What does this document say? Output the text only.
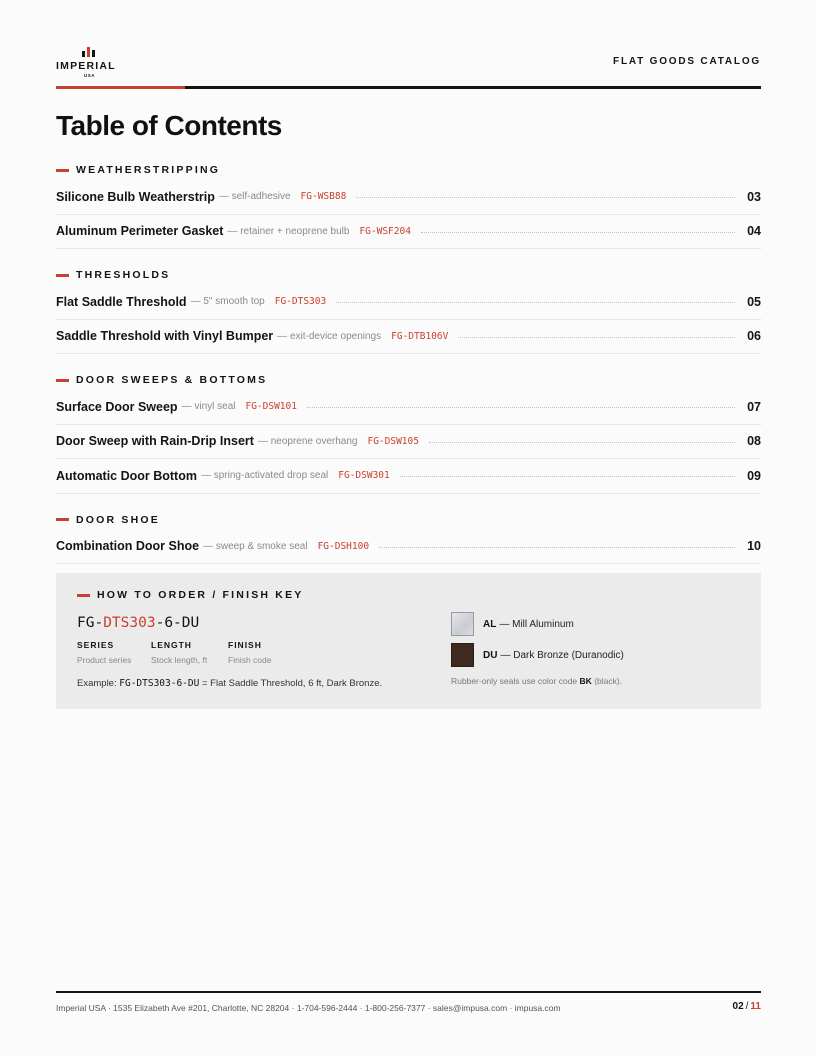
IMPERIAL
USA
FLAT GOODS CATALOG
Table of Contents
WEATHERSTRIPPING
Silicone Bulb Weatherstrip — self-adhesive FG-WSB88	03
Aluminum Perimeter Gasket — retainer + neoprene bulb FG-WSF204	04
THRESHOLDS
Flat Saddle Threshold — 5" smooth top FG-DTS303	05
Saddle Threshold with Vinyl Bumper — exit-device openings FG-DTB106V	06
DOOR SWEEPS & BOTTOMS
Surface Door Sweep — vinyl seal FG-DSW101	07
Door Sweep with Rain-Drip Insert — neoprene overhang FG-DSW105	08
Automatic Door Bottom — spring-activated drop seal FG-DSW301	09
DOOR SHOE
Combination Door Shoe — sweep & smoke seal FG-DSH100	10
HOW TO ORDER / FINISH KEY
FG-DTS303-6-DU
SERIES
Product series
LENGTH
Stock length, ft
FINISH
Finish code
Example: FG-DTS303-6-DU = Flat Saddle Threshold, 6 ft, Dark Bronze.
AL — Mill Aluminum
DU — Dark Bronze (Duranodic)
Rubber-only seals use color code BK (black).
Imperial USA · 1535 Elizabeth Ave #201, Charlotte, NC 28204 · 1-704-596-2444 · 1-800-256-7377 · sales@impusa.com · impusa.com	02 / 11
